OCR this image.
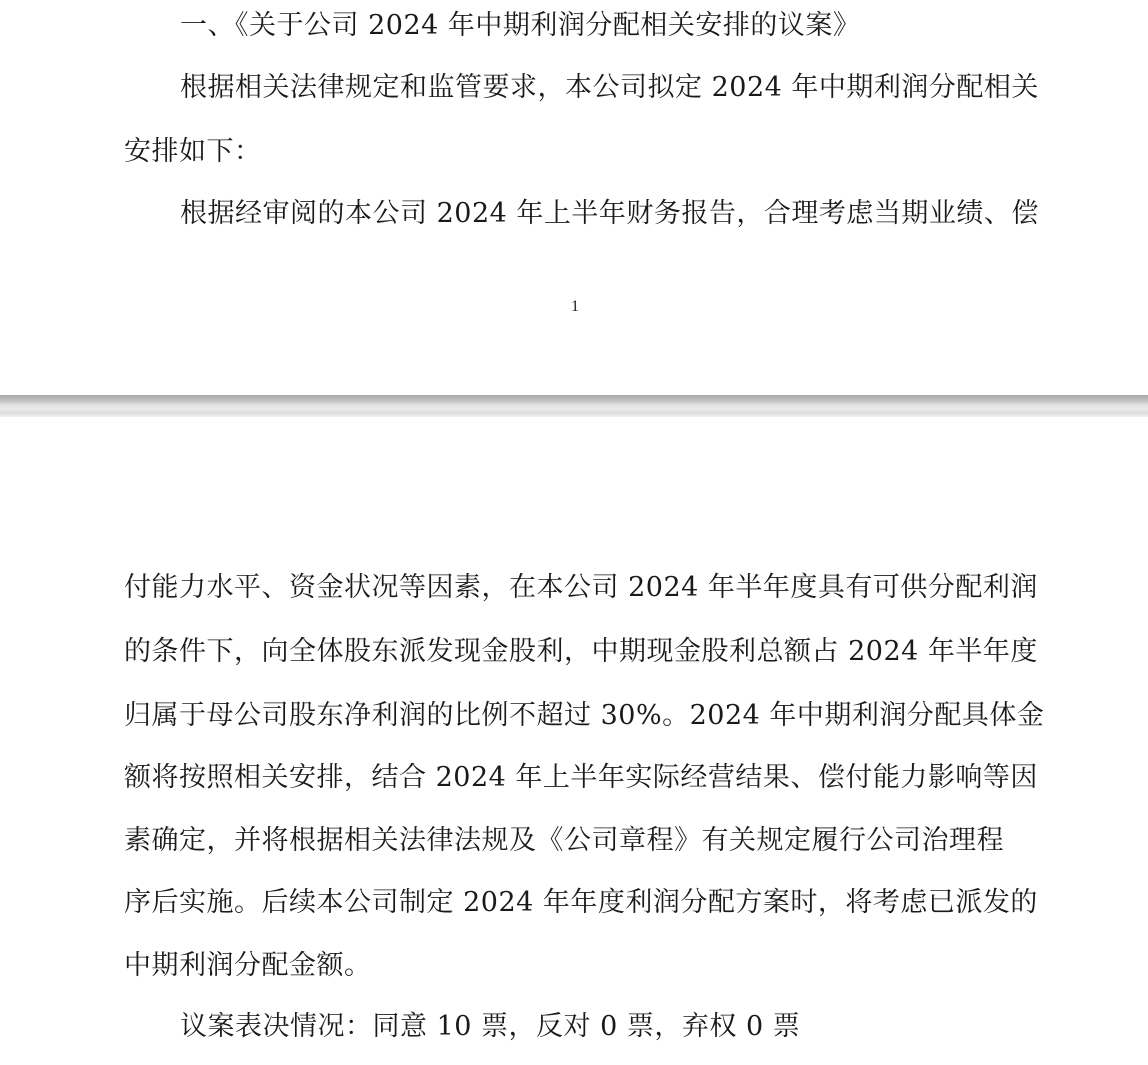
一、《关于公司 2024 年中期利润分配相关安排的议案》
根据相关法律规定和监管要求，本公司拟定 2024 年中期利润分配相关
安排如下：
根据经审阅的本公司 2024 年上半年财务报告，合理考虑当期业绩、偿
1
付能力水平、资金状况等因素，在本公司 2024 年半年度具有可供分配利润
的条件下，向全体股东派发现金股利，中期现金股利总额占 2024 年半年度
归属于母公司股东净利润的比例不超过 30%。2024 年中期利润分配具体金
额将按照相关安排，结合 2024 年上半年实际经营结果、偿付能力影响等因
素确定，并将根据相关法律法规及《公司章程》有关规定履行公司治理程
序后实施。后续本公司制定 2024 年年度利润分配方案时，将考虑已派发的
中期利润分配金额。
议案表决情况：同意 10 票，反对 0 票，弃权 0 票
